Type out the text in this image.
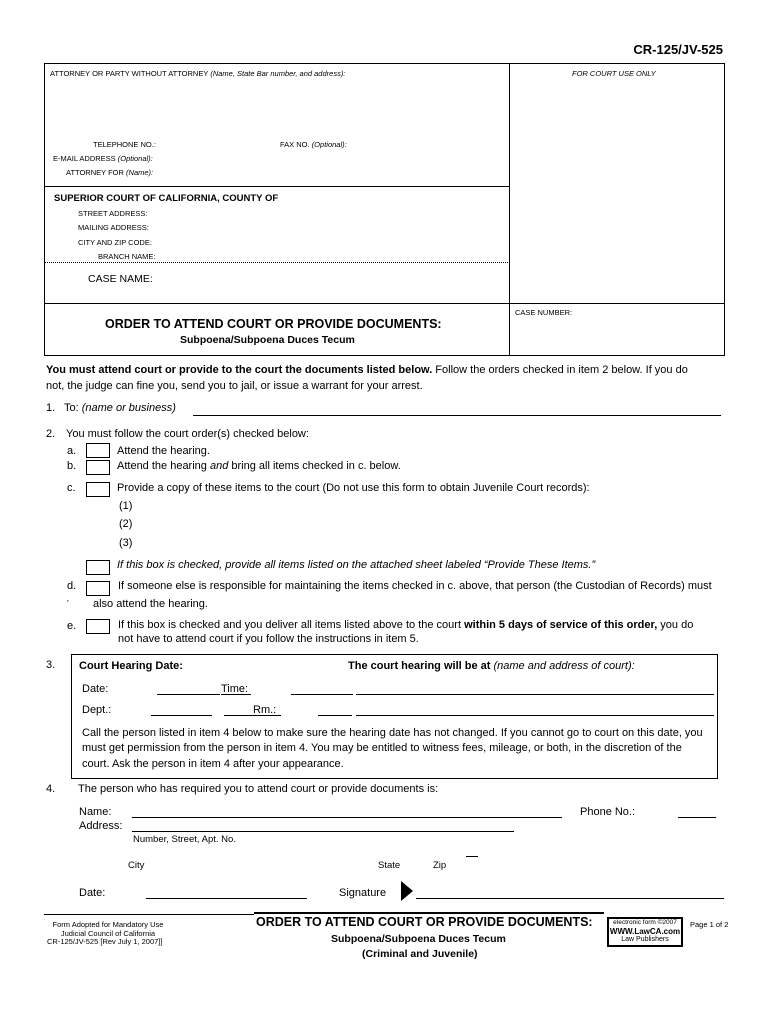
CR-125/JV-525
ATTORNEY OR PARTY WITHOUT ATTORNEY (Name, State Bar number, and address):	FOR COURT USE ONLY
TELEPHONE NO.:	FAX NO. (Optional):
E-MAIL ADDRESS (Optional):
ATTORNEY FOR (Name):
SUPERIOR COURT OF CALIFORNIA, COUNTY OF
STREET ADDRESS:
MAILING ADDRESS:
CITY AND ZIP CODE:
BRANCH NAME:
CASE NAME:
CASE NUMBER:
ORDER TO ATTEND COURT OR PROVIDE DOCUMENTS:
Subpoena/Subpoena Duces Tecum
You must attend court or provide to the court the documents listed below. Follow the orders checked in item 2 below. If you do
not, the judge can fine you, send you to jail, or issue a warrant for your arrest.
1. To: (name or business)
2. You must follow the court order(s) checked below:
a.	Attend the hearing.
b.	Attend the hearing and bring all items checked in c. below.
c.	Provide a copy of these items to the court (Do not use this form to obtain Juvenile Court records):
(1)
(2)
(3)
If this box is checked, provide all items listed on the attached sheet labeled “Provide These Items.”
d.	If someone else is responsible for maintaining the items checked in c. above, that person (the Custodian of Records) must
· also attend the hearing.
e.	If this box is checked and you deliver all items listed above to the court within 5 days of service of this order, you do
not have to attend court if you follow the instructions in item 5.
3. Court Hearing Date:	The court hearing will be at (name and address of court):
Date:	Time:
Dept.:	Rm.:
Call the person listed in item 4 below to make sure the hearing date has not changed. If you cannot go to court on this date, you
must get permission from the person in item 4. You may be entitled to witness fees, mileage, or both, in the discretion of the
court. Ask the person in item 4 after your appearance.
4. The person who has required you to attend court or provide documents is:
Name:	Phone No.:
Address:
Number, Street, Apt. No.
City	State	Zip
Date:	Signature
Form Adopted for Mandatory Use
Judicial Council of California
CR-125/JV-525 [Rev July 1, 2007]]
ORDER TO ATTEND COURT OR PROVIDE DOCUMENTS:
Subpoena/Subpoena Duces Tecum
(Criminal and Juvenile)
electronic form ©2007
WWW.LawCA.com
Law Publishers
Page 1 of 2
